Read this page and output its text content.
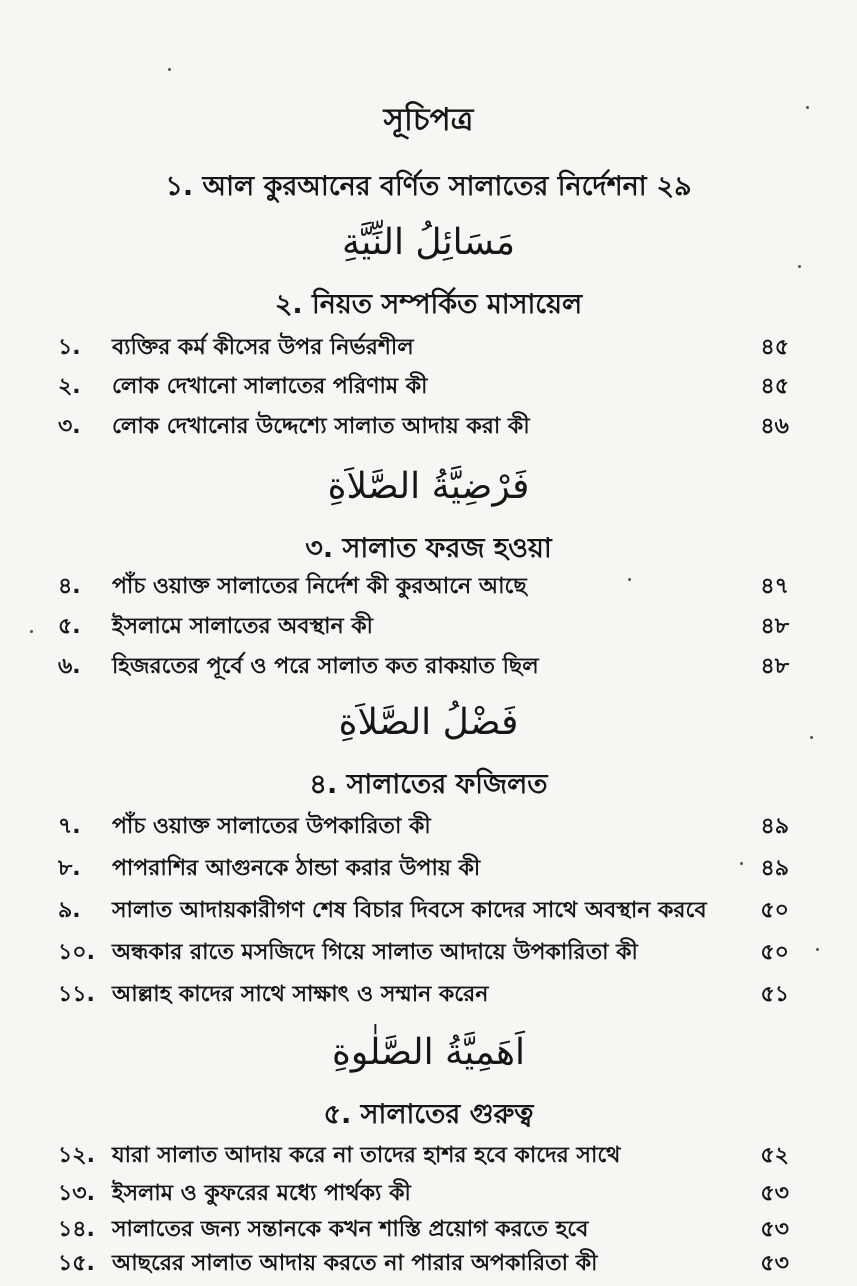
সূচিপত্র
১. আল কুরআনের বর্ণিত সালাতের নির্দেশনা ২৯
مَسَائِلُ النِّيَّةِ
২. নিয়ত সম্পর্কিত মাসায়েল
১. ব্যক্তির কর্ম কীসের উপর নির্ভরশীল	৪৫
২. লোক দেখানো সালাতের পরিণাম কী	৪৫
৩. লোক দেখানোর উদ্দেশ্যে সালাত আদায় করা কী	৪৬
فَرْضِيَّةُ الصَّلاَةِ
৩. সালাত ফরজ হওয়া
৪. পাঁচ ওয়াক্ত সালাতের নির্দেশ কী কুরআনে আছে	৪৭
৫. ইসলামে সালাতের অবস্থান কী	৪৮
৬. হিজরতের পূর্বে ও পরে সালাত কত রাকয়াত ছিল	৪৮
فَضْلُ الصَّلاَةِ
৪. সালাতের ফজিলত
৭. পাঁচ ওয়াক্ত সালাতের উপকারিতা কী	৪৯
৮. পাপরাশির আগুনকে ঠান্ডা করার উপায় কী	৪৯
৯. সালাত আদায়কারীগণ শেষ বিচার দিবসে কাদের সাথে অবস্থান করবে ৫০
১০. অন্ধকার রাতে মসজিদে গিয়ে সালাত আদায়ে উপকারিতা কী	৫০
১১. আল্লাহ কাদের সাথে সাক্ষাৎ ও সম্মান করেন	৫১
اَهَمِيَّةُ الصَّلٰوةِ
৫. সালাতের গুরুত্ব
১২. যারা সালাত আদায় করে না তাদের হাশর হবে কাদের সাথে	৫২
১৩. ইসলাম ও কুফরের মধ্যে পার্থক্য কী	৫৩
১৪. সালাতের জন্য সন্তানকে কখন শাস্তি প্রয়োগ করতে হবে	৫৩
১৫. আছরের সালাত আদায় করতে না পারার অপকারিতা কী	৫৩
